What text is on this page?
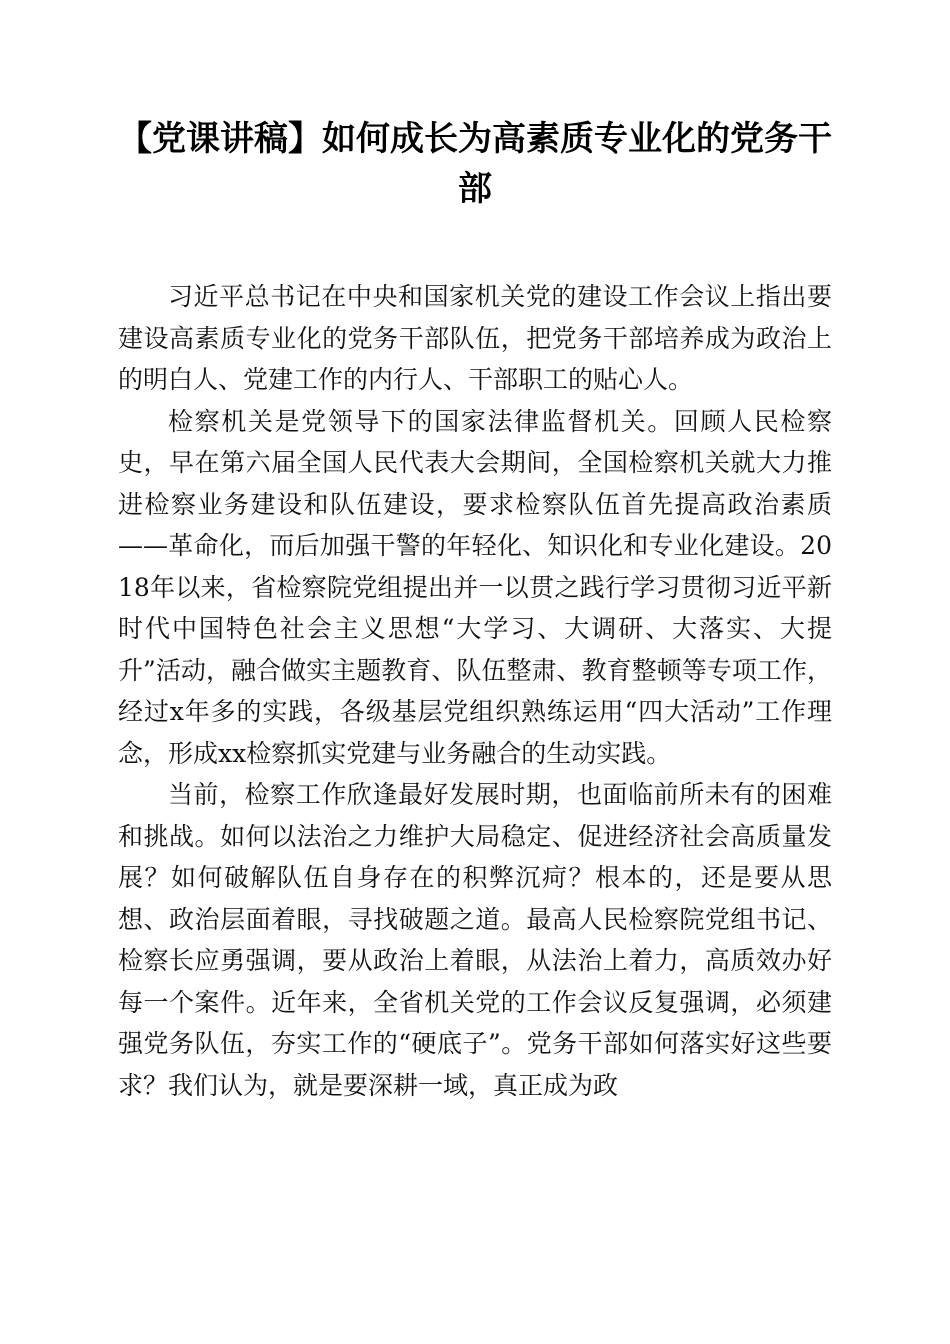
【党课讲稿】如何成长为高素质专业化的党务干部

习近平总书记在中央和国家机关党的建设工作会议上指出要建设高素质专业化的党务干部队伍，把党务干部培养成为政治上的明白人、党建工作的内行人、干部职工的贴心人。

检察机关是党领导下的国家法律监督机关。回顾人民检察史，早在第六届全国人民代表大会期间，全国检察机关就大力推进检察业务建设和队伍建设，要求检察队伍首先提高政治素质——革命化，而后加强干警的年轻化、知识化和专业化建设。2018年以来，省检察院党组提出并一以贯之践行学习贯彻习近平新时代中国特色社会主义思想“大学习、大调研、大落实、大提升”活动，融合做实主题教育、队伍整肃、教育整顿等专项工作，经过x年多的实践，各级基层党组织熟练运用“四大活动”工作理念，形成xx检察抓实党建与业务融合的生动实践。

当前，检察工作欣逢最好发展时期，也面临前所未有的困难和挑战。如何以法治之力维护大局稳定、促进经济社会高质量发展？如何破解队伍自身存在的积弊沉疴？根本的，还是要从思想、政治层面着眼，寻找破题之道。最高人民检察院党组书记、检察长应勇强调，要从政治上着眼，从法治上着力，高质效办好每一个案件。近年来，全省机关党的工作会议反复强调，必须建强党务队伍，夯实工作的“硬底子”。党务干部如何落实好这些要求？我们认为，就是要深耕一域，真正成为政
